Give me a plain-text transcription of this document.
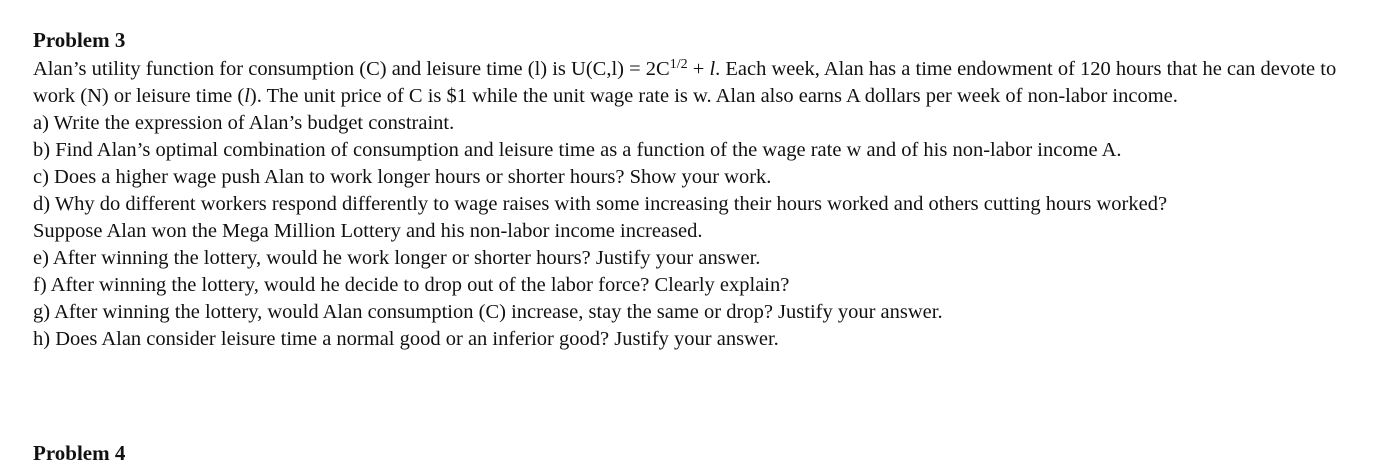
Problem 3

Alan’s utility function for consumption (C) and leisure time (l) is $U(C,l) = 2C^{1/2} + l$. Each week, Alan has a time endowment of 120 hours that he can devote to work (N) or leisure time (l). The unit price of C is $1 while the unit wage rate is w. Alan also earns A dollars per week of non-labor income.

a) Write the expression of Alan’s budget constraint.
b) Find Alan’s optimal combination of consumption and leisure time as a function of the wage rate w and of his non-labor income A.
c) Does a higher wage push Alan to work longer hours or shorter hours? Show your work.
d) Why do different workers respond differently to wage raises with some increasing their hours worked and others cutting hours worked?
Suppose Alan won the Mega Million Lottery and his non-labor income increased.
e) After winning the lottery, would he work longer or shorter hours? Justify your answer.
f) After winning the lottery, would he decide to drop out of the labor force? Clearly explain?
g) After winning the lottery, would Alan consumption (C) increase, stay the same or drop? Justify your answer.
h) Does Alan consider leisure time a normal good or an inferior good? Justify your answer.
Problem 4
